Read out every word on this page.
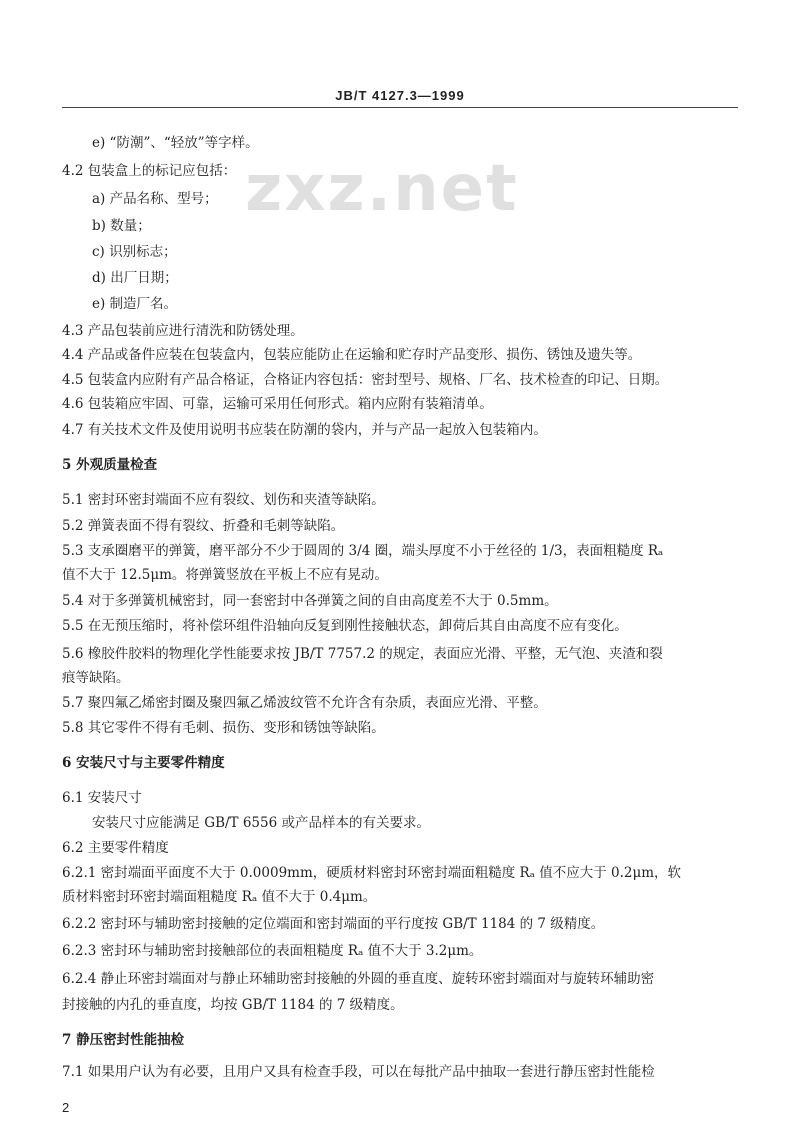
JB/T 4127.3—1999
zxz.net
e) “防潮”、“轻放”等字样。
4.2 包装盒上的标记应包括：
a) 产品名称、型号；
b) 数量；
c) 识别标志；
d) 出厂日期；
e) 制造厂名。
4.3 产品包装前应进行清洗和防锈处理。
4.4 产品或备件应装在包装盒内，包装应能防止在运输和贮存时产品变形、损伤、锈蚀及遗失等。
4.5 包装盒内应附有产品合格证，合格证内容包括：密封型号、规格、厂名、技术检查的印记、日期。
4.6 包装箱应牢固、可靠，运输可采用任何形式。箱内应附有装箱清单。
4.7 有关技术文件及使用说明书应装在防潮的袋内，并与产品一起放入包装箱内。
5 外观质量检查
5.1 密封环密封端面不应有裂纹、划伤和夹渣等缺陷。
5.2 弹簧表面不得有裂纹、折叠和毛刺等缺陷。
5.3 支承圈磨平的弹簧，磨平部分不少于圆周的 3/4 圈，端头厚度不小于丝径的 1/3，表面粗糙度 Rₐ
值不大于 12.5μm。将弹簧竖放在平板上不应有晃动。
5.4 对于多弹簧机械密封，同一套密封中各弹簧之间的自由高度差不大于 0.5mm。
5.5 在无预压缩时，将补偿环组件沿轴向反复到刚性接触状态，卸荷后其自由高度不应有变化。
5.6 橡胶件胶料的物理化学性能要求按 JB/T 7757.2 的规定，表面应光滑、平整，无气泡、夹渣和裂
痕等缺陷。
5.7 聚四氟乙烯密封圈及聚四氟乙烯波纹管不允许含有杂质，表面应光滑、平整。
5.8 其它零件不得有毛刺、损伤、变形和锈蚀等缺陷。
6 安装尺寸与主要零件精度
6.1 安装尺寸
安装尺寸应能满足 GB/T 6556 或产品样本的有关要求。
6.2 主要零件精度
6.2.1 密封端面平面度不大于 0.0009mm，硬质材料密封环密封端面粗糙度 Rₐ 值不应大于 0.2μm，软
质材料密封环密封端面粗糙度 Rₐ 值不大于 0.4μm。
6.2.2 密封环与辅助密封接触的定位端面和密封端面的平行度按 GB/T 1184 的 7 级精度。
6.2.3 密封环与辅助密封接触部位的表面粗糙度 Rₐ 值不大于 3.2μm。
6.2.4 静止环密封端面对与静止环辅助密封接触的外圆的垂直度、旋转环密封端面对与旋转环辅助密
封接触的内孔的垂直度，均按 GB/T 1184 的 7 级精度。
7 静压密封性能抽检
7.1 如果用户认为有必要，且用户又具有检查手段，可以在每批产品中抽取一套进行静压密封性能检
2
